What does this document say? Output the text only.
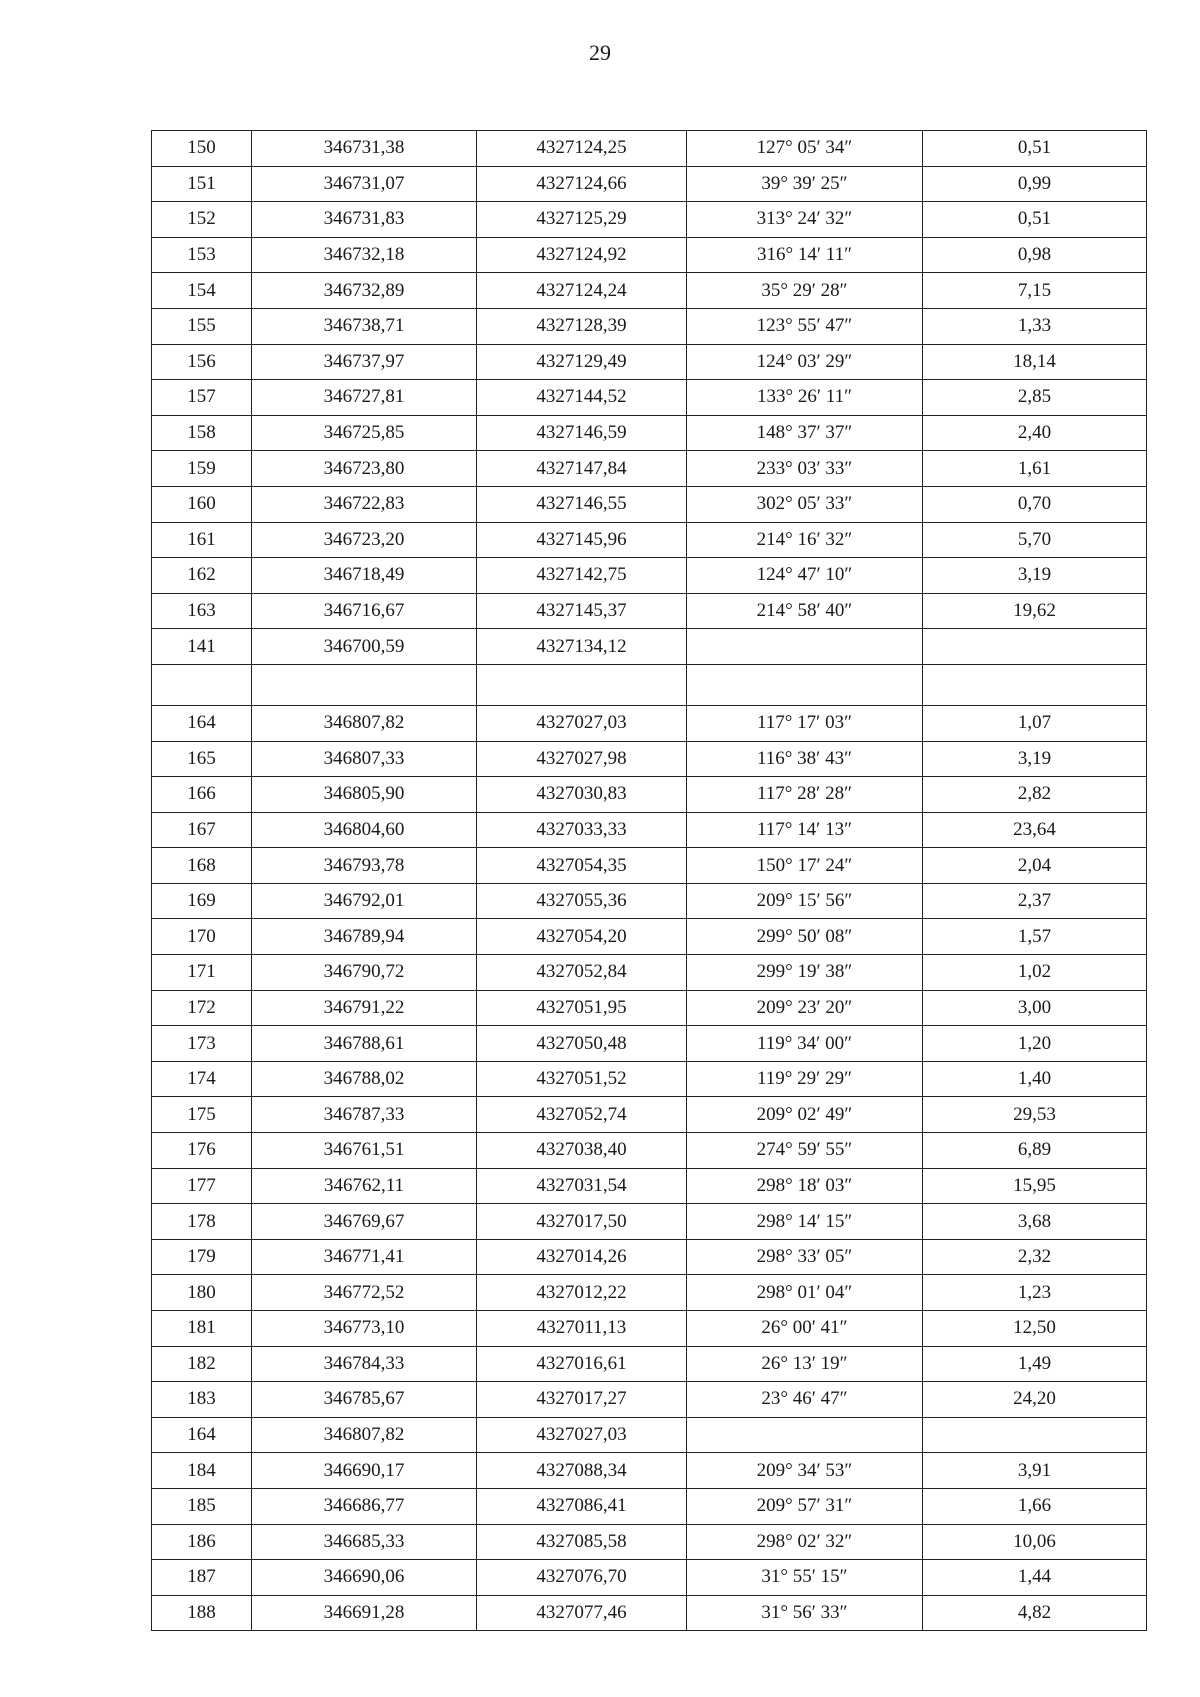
29
150	346731,38	4327124,25	127° 05′ 34″	0,51
151	346731,07	4327124,66	39° 39′ 25″	0,99
152	346731,83	4327125,29	313° 24′ 32″	0,51
153	346732,18	4327124,92	316° 14′ 11″	0,98
154	346732,89	4327124,24	35° 29′ 28″	7,15
155	346738,71	4327128,39	123° 55′ 47″	1,33
156	346737,97	4327129,49	124° 03′ 29″	18,14
157	346727,81	4327144,52	133° 26′ 11″	2,85
158	346725,85	4327146,59	148° 37′ 37″	2,40
159	346723,80	4327147,84	233° 03′ 33″	1,61
160	346722,83	4327146,55	302° 05′ 33″	0,70
161	346723,20	4327145,96	214° 16′ 32″	5,70
162	346718,49	4327142,75	124° 47′ 10″	3,19
163	346716,67	4327145,37	214° 58′ 40″	19,62
141	346700,59	4327134,12		

164	346807,82	4327027,03	117° 17′ 03″	1,07
165	346807,33	4327027,98	116° 38′ 43″	3,19
166	346805,90	4327030,83	117° 28′ 28″	2,82
167	346804,60	4327033,33	117° 14′ 13″	23,64
168	346793,78	4327054,35	150° 17′ 24″	2,04
169	346792,01	4327055,36	209° 15′ 56″	2,37
170	346789,94	4327054,20	299° 50′ 08″	1,57
171	346790,72	4327052,84	299° 19′ 38″	1,02
172	346791,22	4327051,95	209° 23′ 20″	3,00
173	346788,61	4327050,48	119° 34′ 00″	1,20
174	346788,02	4327051,52	119° 29′ 29″	1,40
175	346787,33	4327052,74	209° 02′ 49″	29,53
176	346761,51	4327038,40	274° 59′ 55″	6,89
177	346762,11	4327031,54	298° 18′ 03″	15,95
178	346769,67	4327017,50	298° 14′ 15″	3,68
179	346771,41	4327014,26	298° 33′ 05″	2,32
180	346772,52	4327012,22	298° 01′ 04″	1,23
181	346773,10	4327011,13	26° 00′ 41″	12,50
182	346784,33	4327016,61	26° 13′ 19″	1,49
183	346785,67	4327017,27	23° 46′ 47″	24,20
164	346807,82	4327027,03		
184	346690,17	4327088,34	209° 34′ 53″	3,91
185	346686,77	4327086,41	209° 57′ 31″	1,66
186	346685,33	4327085,58	298° 02′ 32″	10,06
187	346690,06	4327076,70	31° 55′ 15″	1,44
188	346691,28	4327077,46	31° 56′ 33″	4,82
